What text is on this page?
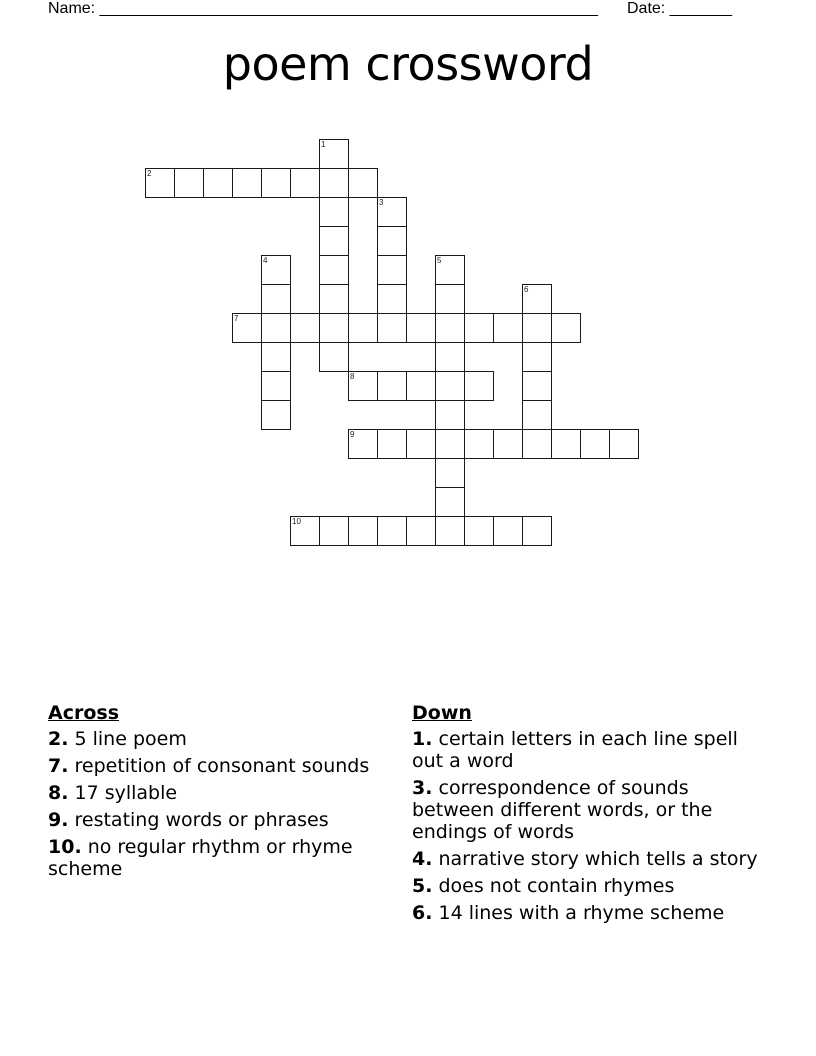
Name: ________________________________________________________ Date: _______
poem crossword
1
2
3
4	5
6
7
8
9
10
Across
2. 5 line poem
7. repetition of consonant sounds
8. 17 syllable
9. restating words or phrases
10. no regular rhythm or rhyme scheme
Down
1. certain letters in each line spell out a word
3. correspondence of sounds between different words, or the endings of words
4. narrative story which tells a story
5. does not contain rhymes
6. 14 lines with a rhyme scheme
